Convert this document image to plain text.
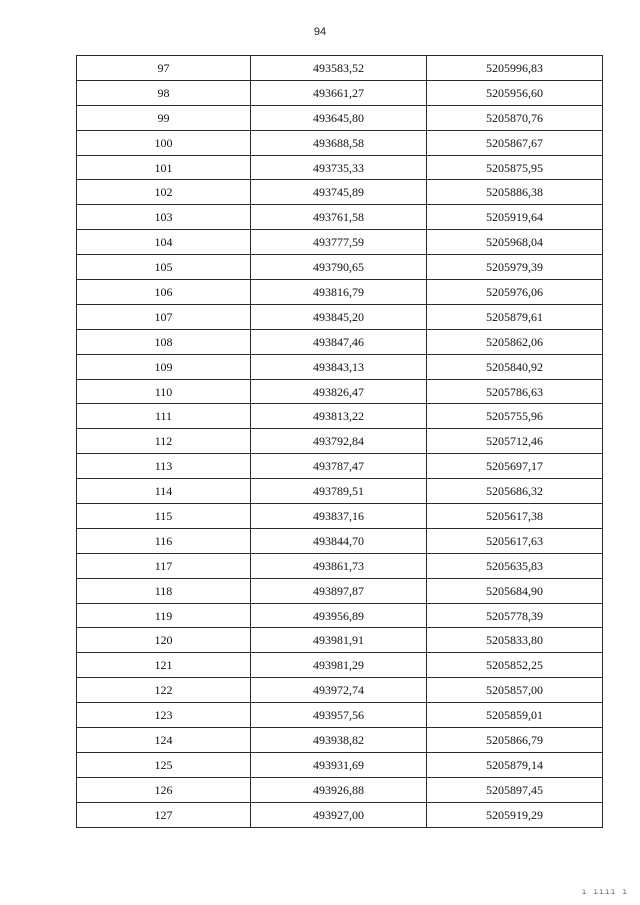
94
97	493583,52	5205996,83
98	493661,27	5205956,60
99	493645,80	5205870,76
100	493688,58	5205867,67
101	493735,33	5205875,95
102	493745,89	5205886,38
103	493761,58	5205919,64
104	493777,59	5205968,04
105	493790,65	5205979,39
106	493816,79	5205976,06
107	493845,20	5205879,61
108	493847,46	5205862,06
109	493843,13	5205840,92
110	493826,47	5205786,63
111	493813,22	5205755,96
112	493792,84	5205712,46
113	493787,47	5205697,17
114	493789,51	5205686,32
115	493837,16	5205617,38
116	493844,70	5205617,63
117	493861,73	5205635,83
118	493897,87	5205684,90
119	493956,89	5205778,39
120	493981,91	5205833,80
121	493981,29	5205852,25
122	493972,74	5205857,00
123	493957,56	5205859,01
124	493938,82	5205866,79
125	493931,69	5205879,14
126	493926,88	5205897,45
127	493927,00	5205919,29
ı ıııı ı
